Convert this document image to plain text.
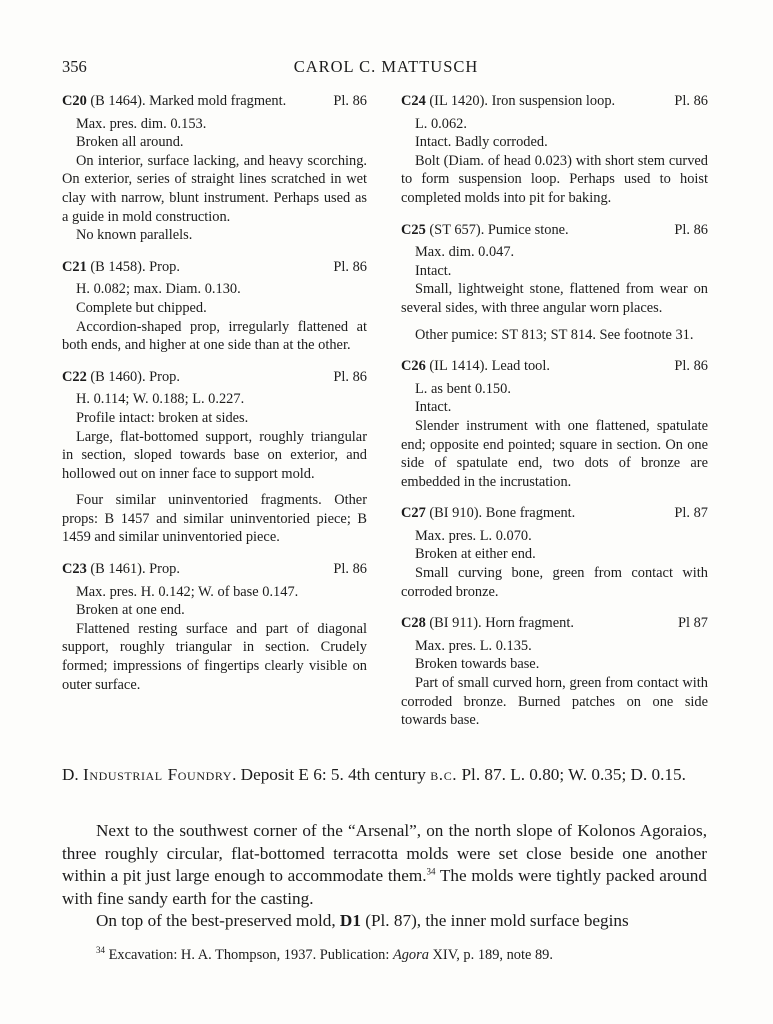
356	CAROL C. MATTUSCH
C20 (B 1464). Marked mold fragment.	Pl. 86

Max. pres. dim. 0.153.

Broken all around.

On interior, surface lacking, and heavy scorching. On exterior, series of straight lines scratched in wet clay with narrow, blunt instrument. Perhaps used as a guide in mold construction.

No known parallels.

C21 (B 1458). Prop.	Pl. 86

H. 0.082; max. Diam. 0.130.

Complete but chipped.

Accordion-shaped prop, irregularly flattened at both ends, and higher at one side than at the other.

C22 (B 1460). Prop.	Pl. 86

H. 0.114; W. 0.188; L. 0.227.

Profile intact: broken at sides.

Large, flat-bottomed support, roughly triangular in section, sloped towards base on exterior, and hollowed out on inner face to support mold.

Four similar uninventoried fragments. Other props: B 1457 and similar uninventoried piece; B 1459 and similar uninventoried piece.

C23 (B 1461). Prop.	Pl. 86

Max. pres. H. 0.142; W. of base 0.147.

Broken at one end.

Flattened resting surface and part of diagonal support, roughly triangular in section. Crudely formed; impressions of fingertips clearly visible on outer surface.

C24 (IL 1420). Iron suspension loop.	Pl. 86

L. 0.062.

Intact. Badly corroded.

Bolt (Diam. of head 0.023) with short stem curved to form suspension loop. Perhaps used to hoist completed molds into pit for baking.

C25 (ST 657). Pumice stone.	Pl. 86

Max. dim. 0.047.

Intact.

Small, lightweight stone, flattened from wear on several sides, with three angular worn places.

Other pumice: ST 813; ST 814. See footnote 31.

C26 (IL 1414). Lead tool.	Pl. 86

L. as bent 0.150.

Intact.

Slender instrument with one flattened, spatulate end; opposite end pointed; square in section. On one side of spatulate end, two dots of bronze are embedded in the incrustation.

C27 (BI 910). Bone fragment.	Pl. 87

Max. pres. L. 0.070.

Broken at either end.

Small curving bone, green from contact with corroded bronze.

C28 (BI 911). Horn fragment.	Pl 87

Max. pres. L. 0.135.

Broken towards base.

Part of small curved horn, green from contact with corroded bronze. Burned patches on one side towards base.

D. Industrial Foundry. Deposit E 6: 5. 4th century b.c. Pl. 87. L. 0.80; W. 0.35; D. 0.15.

Next to the southwest corner of the “Arsenal”, on the north slope of Kolonos Agoraios, three roughly circular, flat-bottomed terracotta molds were set close beside one another within a pit just large enough to accommodate them.$^{34}$ The molds were tightly packed around with fine sandy earth for the casting.

On top of the best-preserved mold, D1 (Pl. 87), the inner mold surface begins

$^{34}$ Excavation: H. A. Thompson, 1937. Publication: Agora XIV, p. 189, note 89.
